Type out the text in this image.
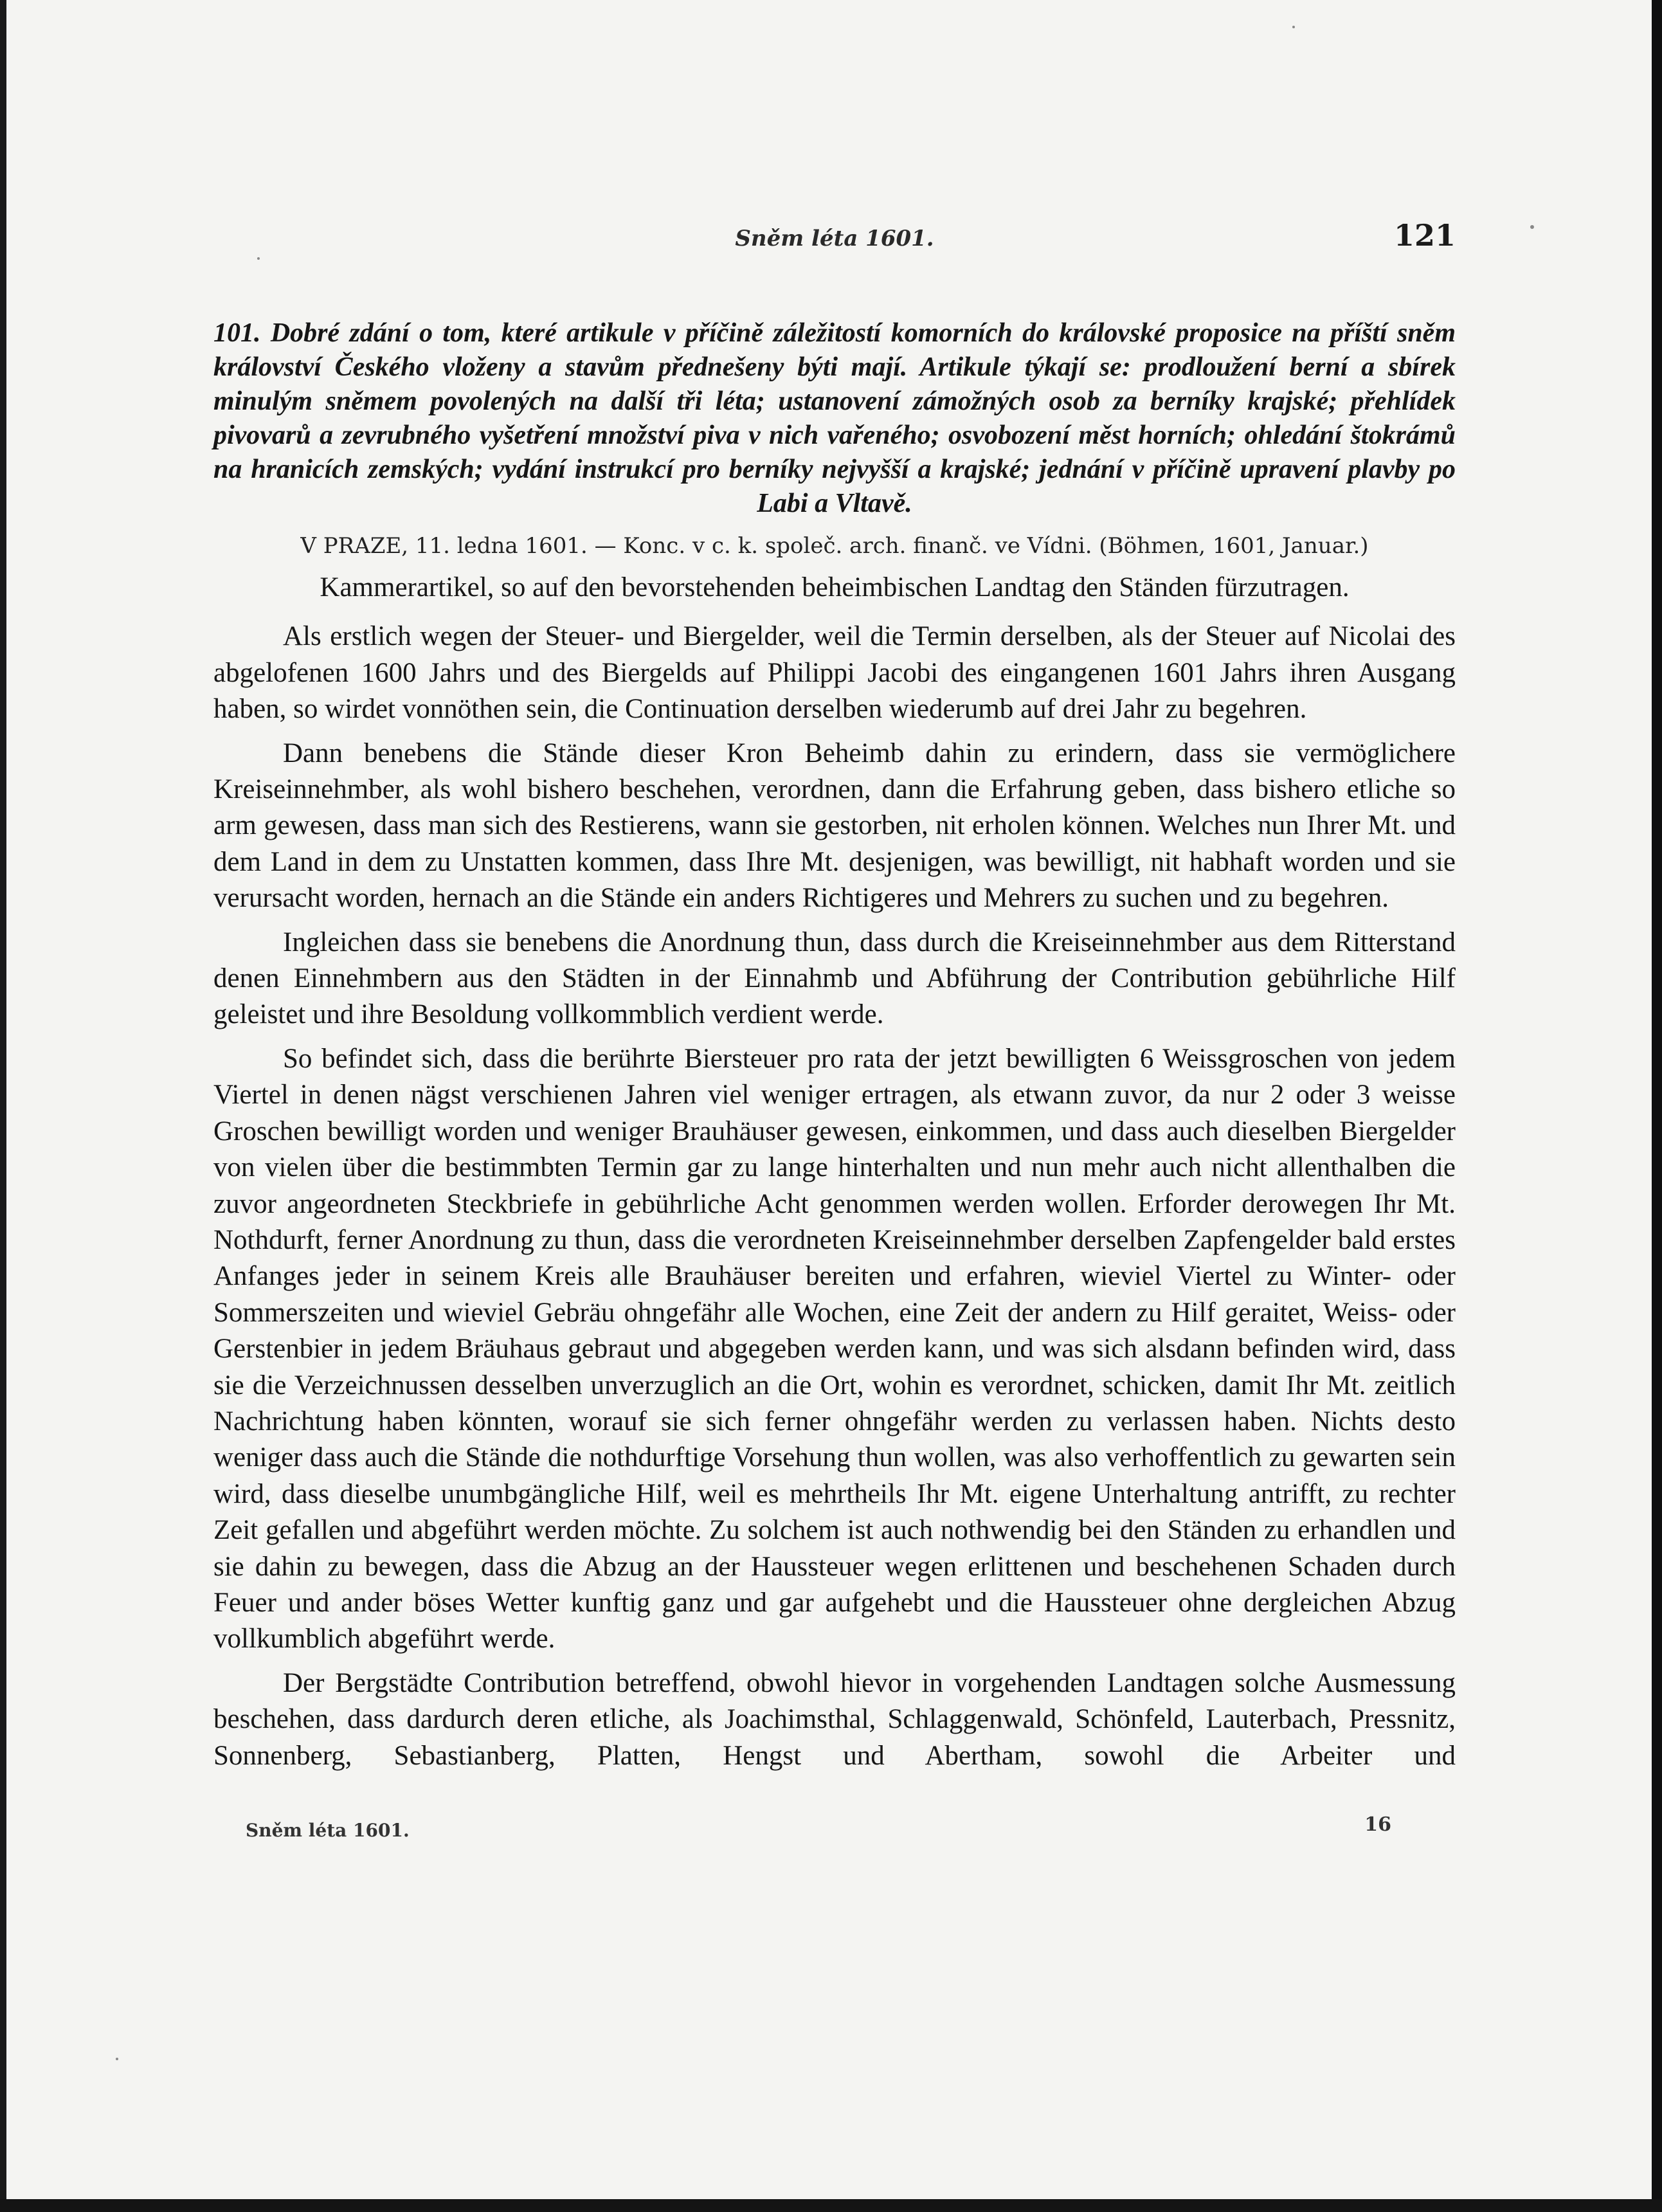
Sněm léta 1601.	121

101. Dobré zdání o tom, které artikule v příčině záležitostí komorních do královské proposice na příští sněm království Českého vloženy a stavům přednešeny býti mají. Artikule týkají se: prodloužení berní a sbírek minulým sněmem povolených na další tři léta; ustanovení zámožných osob za berníky krajské; přehlídek pivovarů a zevrubného vyšetření množství piva v nich vařeného; osvobození měst horních; ohledání štokrámů na hranicích zemských; vydání instrukcí pro berníky nejvyšší a krajské; jednání v příčině upravení plavby po Labi a Vltavě.

V PRAZE, 11. ledna 1601. — Konc. v c. k. společ. arch. finanč. ve Vídni. (Böhmen, 1601, Januar.)
Kammerartikel, so auf den bevorstehenden beheimbischen Landtag den Ständen fürzutragen.

Als erstlich wegen der Steuer- und Biergelder, weil die Termin derselben, als der Steuer auf Nicolai des abgelofenen 1600 Jahrs und des Biergelds auf Philippi Jacobi des eingangenen 1601 Jahrs ihren Ausgang haben, so wirdet vonnöthen sein, die Continuation derselben wiederumb auf drei Jahr zu begehren.

Dann benebens die Stände dieser Kron Beheimb dahin zu erindern, dass sie vermöglichere Kreiseinnehmber, als wohl bishero beschehen, verordnen, dann die Erfahrung geben, dass bishero etliche so arm gewesen, dass man sich des Restierens, wann sie gestorben, nit erholen können. Welches nun Ihrer Mt. und dem Land in dem zu Unstatten kommen, dass Ihre Mt. desjenigen, was bewilligt, nit habhaft worden und sie verursacht worden, hernach an die Stände ein anders Richtigeres und Mehrers zu suchen und zu begehren.

Ingleichen dass sie benebens die Anordnung thun, dass durch die Kreiseinnehmber aus dem Ritterstand denen Einnehmbern aus den Städten in der Einnahmb und Abführung der Contribution gebührliche Hilf geleistet und ihre Besoldung vollkommblich verdient werde.

So befindet sich, dass die berührte Biersteuer pro rata der jetzt bewilligten 6 Weissgroschen von jedem Viertel in denen nägst verschienen Jahren viel weniger ertragen, als etwann zuvor, da nur 2 oder 3 weisse Groschen bewilligt worden und weniger Brauhäuser gewesen, einkommen, und dass auch dieselben Biergelder von vielen über die bestimmbten Termin gar zu lange hinterhalten und nun mehr auch nicht allenthalben die zuvor angeordneten Steckbriefe in gebührliche Acht genommen werden wollen. Erforder derowegen Ihr Mt. Nothdurft, ferner Anordnung zu thun, dass die verordneten Kreiseinnehmber derselben Zapfengelder bald erstes Anfanges jeder in seinem Kreis alle Brauhäuser bereiten und erfahren, wieviel Viertel zu Winter- oder Sommerszeiten und wieviel Gebräu ohngefähr alle Wochen, eine Zeit der andern zu Hilf geraitet, Weiss- oder Gerstenbier in jedem Bräuhaus gebraut und abgegeben werden kann, und was sich alsdann befinden wird, dass sie die Verzeichnussen desselben unverzuglich an die Ort, wohin es verordnet, schicken, damit Ihr Mt. zeitlich Nachrichtung haben könnten, worauf sie sich ferner ohngefähr werden zu verlassen haben. Nichts desto weniger dass auch die Stände die nothdurftige Vorsehung thun wollen, was also verhoffentlich zu gewarten sein wird, dass dieselbe unumbgängliche Hilf, weil es mehrtheils Ihr Mt. eigene Unterhaltung antrifft, zu rechter Zeit gefallen und abgeführt werden möchte. Zu solchem ist auch nothwendig bei den Ständen zu erhandlen und sie dahin zu bewegen, dass die Abzug an der Haussteuer wegen erlittenen und beschehenen Schaden durch Feuer und ander böses Wetter kunftig ganz und gar aufgehebt und die Haussteuer ohne dergleichen Abzug vollkumblich abgeführt werde.

Der Bergstädte Contribution betreffend, obwohl hievor in vorgehenden Landtagen solche Ausmessung beschehen, dass dardurch deren etliche, als Joachimsthal, Schlaggenwald, Schönfeld, Lauterbach, Pressnitz, Sonnenberg, Sebastianberg, Platten, Hengst und Abertham, sowohl die Arbeiter und

Sněm léta 1601.	16
